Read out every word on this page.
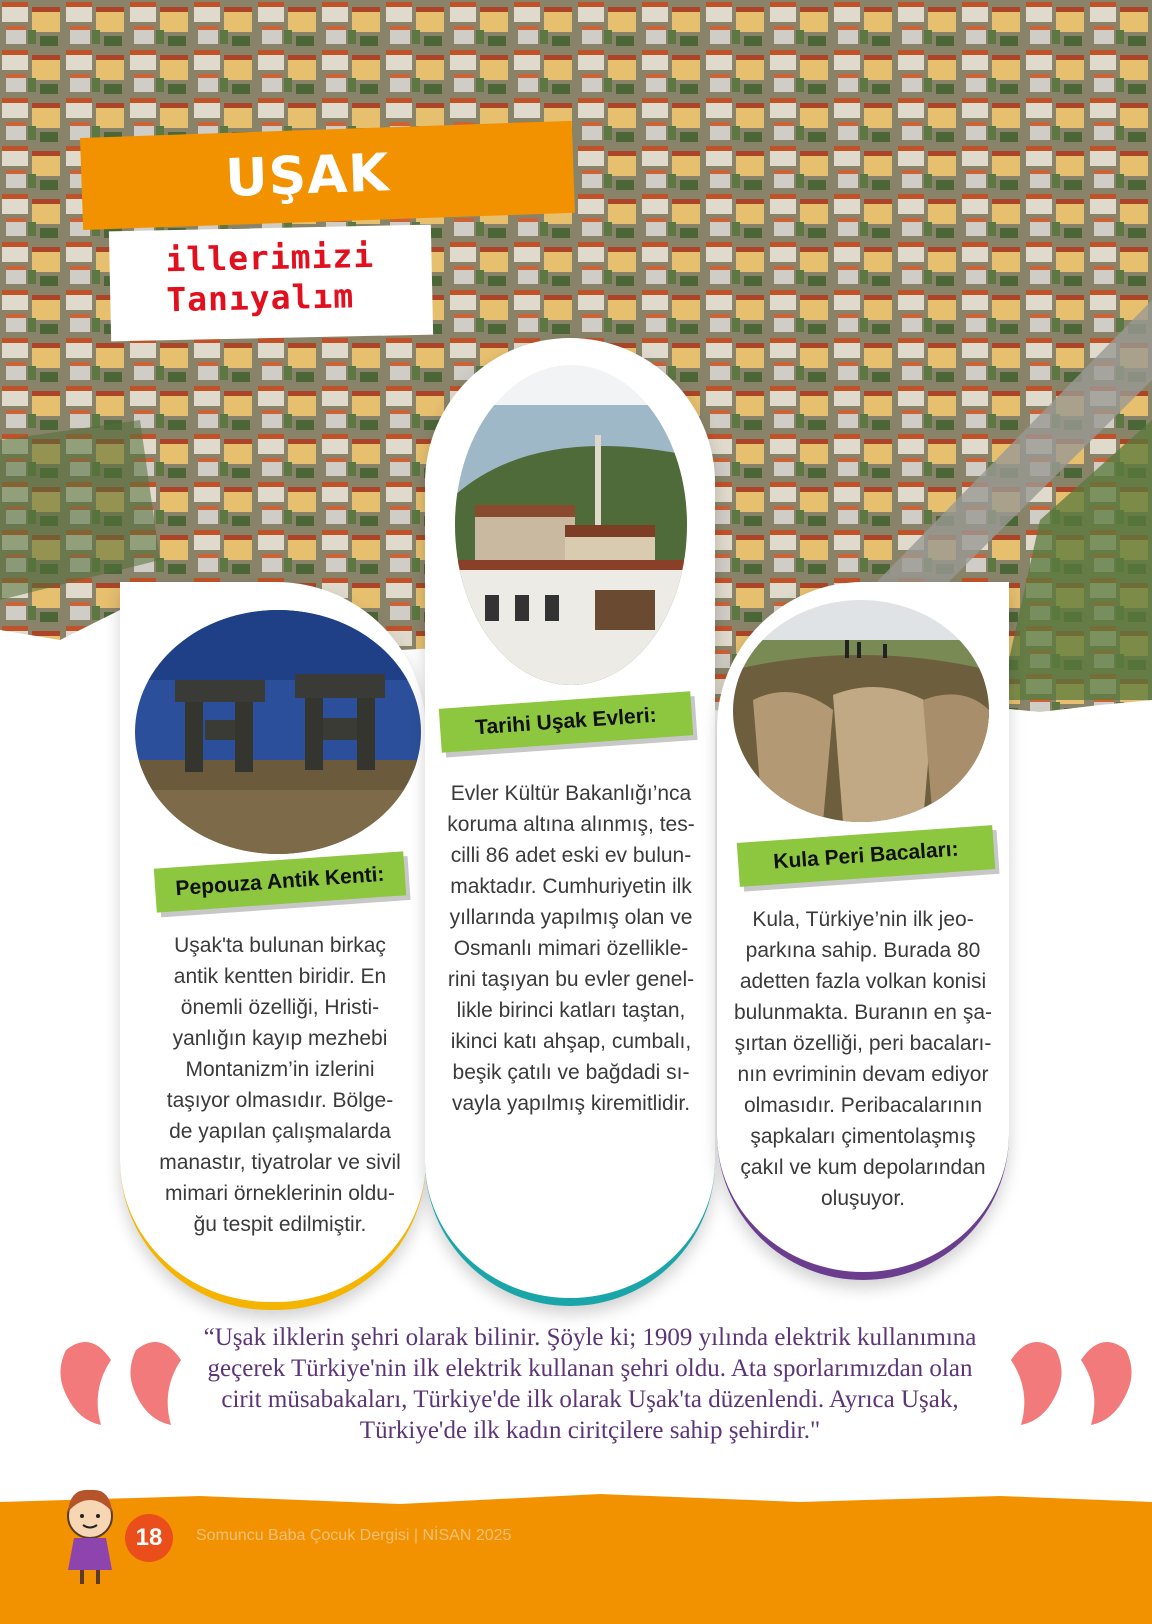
UŞAK
illerimizi
Tanıyalım
Pepouza Antik Kenti:
Uşak'ta bulunan birkaç
antik kentten biridir. En
önemli özelliği, Hristi-
yanlığın kayıp mezhebi
Montanizm’in izlerini
taşıyor olmasıdır. Bölge-
de yapılan çalışmalarda
manastır, tiyatrolar ve sivil
mimari örneklerinin oldu-
ğu tespit edilmiştir.
Tarihi Uşak Evleri:
Evler Kültür Bakanlığı’nca
koruma altına alınmış, tes-
cilli 86 adet eski ev bulun-
maktadır. Cumhuriyetin ilk
yıllarında yapılmış olan ve
Osmanlı mimari özellikle-
rini taşıyan bu evler genel-
likle birinci katları taştan,
ikinci katı ahşap, cumbalı,
beşik çatılı ve bağdadi sı-
vayla yapılmış kiremitlidir.
Kula Peri Bacaları:
Kula, Türkiye’nin ilk jeo-
parkına sahip. Burada 80
adetten fazla volkan konisi
bulunmakta. Buranın en şa-
şırtan özelliği, peri bacaları-
nın evriminin devam ediyor
olmasıdır. Peribacalarının
şapkaları çimentolaşmış
çakıl ve kum depolarından
oluşuyor.
“Uşak ilklerin şehri olarak bilinir. Şöyle ki; 1909 yılında elektrik kullanımına geçerek Türkiye'nin ilk elektrik kullanan şehri oldu. Ata sporlarımızdan olan cirit müsabakaları, Türkiye'de ilk olarak Uşak'ta düzenlendi. Ayrıca Uşak, Türkiye'de ilk kadın ciritçilere sahip şehirdir."
18	Somuncu Baba Çocuk Dergisi | NİSAN 2025
